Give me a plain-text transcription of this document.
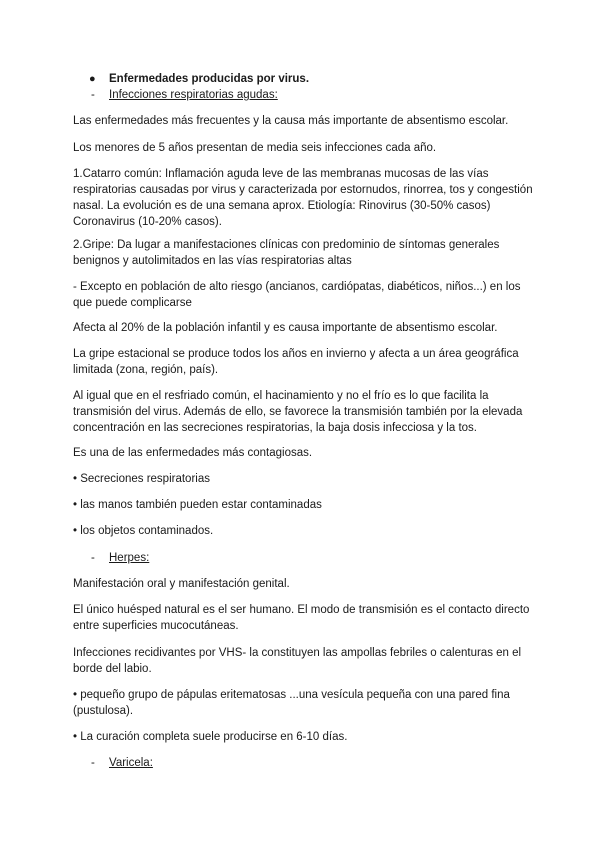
●	Enfermedades producidas por virus.
-	Infecciones respiratorias agudas:

Las enfermedades más frecuentes y la causa más importante de absentismo escolar.

Los menores de 5 años presentan de media seis infecciones cada año.

1.Catarro común: Inflamación aguda leve de las membranas mucosas de las vías respiratorias causadas por virus y caracterizada por estornudos, rinorrea, tos y congestión nasal. La evolución es de una semana aprox. Etiología: Rinovirus (30-50% casos) Coronavirus (10-20% casos).

2.Gripe: Da lugar a manifestaciones clínicas con predominio de síntomas generales benignos y autolimitados en las vías respiratorias altas

- Excepto en población de alto riesgo (ancianos, cardiópatas, diabéticos, niños...) en los que puede complicarse

Afecta al 20% de la población infantil y es causa importante de absentismo escolar.

La gripe estacional se produce todos los años en invierno y afecta a un área geográfica limitada (zona, región, país).

Al igual que en el resfriado común, el hacinamiento y no el frío es lo que facilita la transmisión del virus. Además de ello, se favorece la transmisión también por la elevada concentración en las secreciones respiratorias, la baja dosis infecciosa y la tos.

Es una de las enfermedades más contagiosas.

• Secreciones respiratorias

• las manos también pueden estar contaminadas

• los objetos contaminados.

-	Herpes:

Manifestación oral y manifestación genital.

El único huésped natural es el ser humano. El modo de transmisión es el contacto directo entre superficies mucocutáneas.

Infecciones recidivantes por VHS- la constituyen las ampollas febriles o calenturas en el borde del labio.

• pequeño grupo de pápulas eritematosas ...una vesícula pequeña con una pared fina (pustulosa).

• La curación completa suele producirse en 6-10 días.

-	Varicela:
